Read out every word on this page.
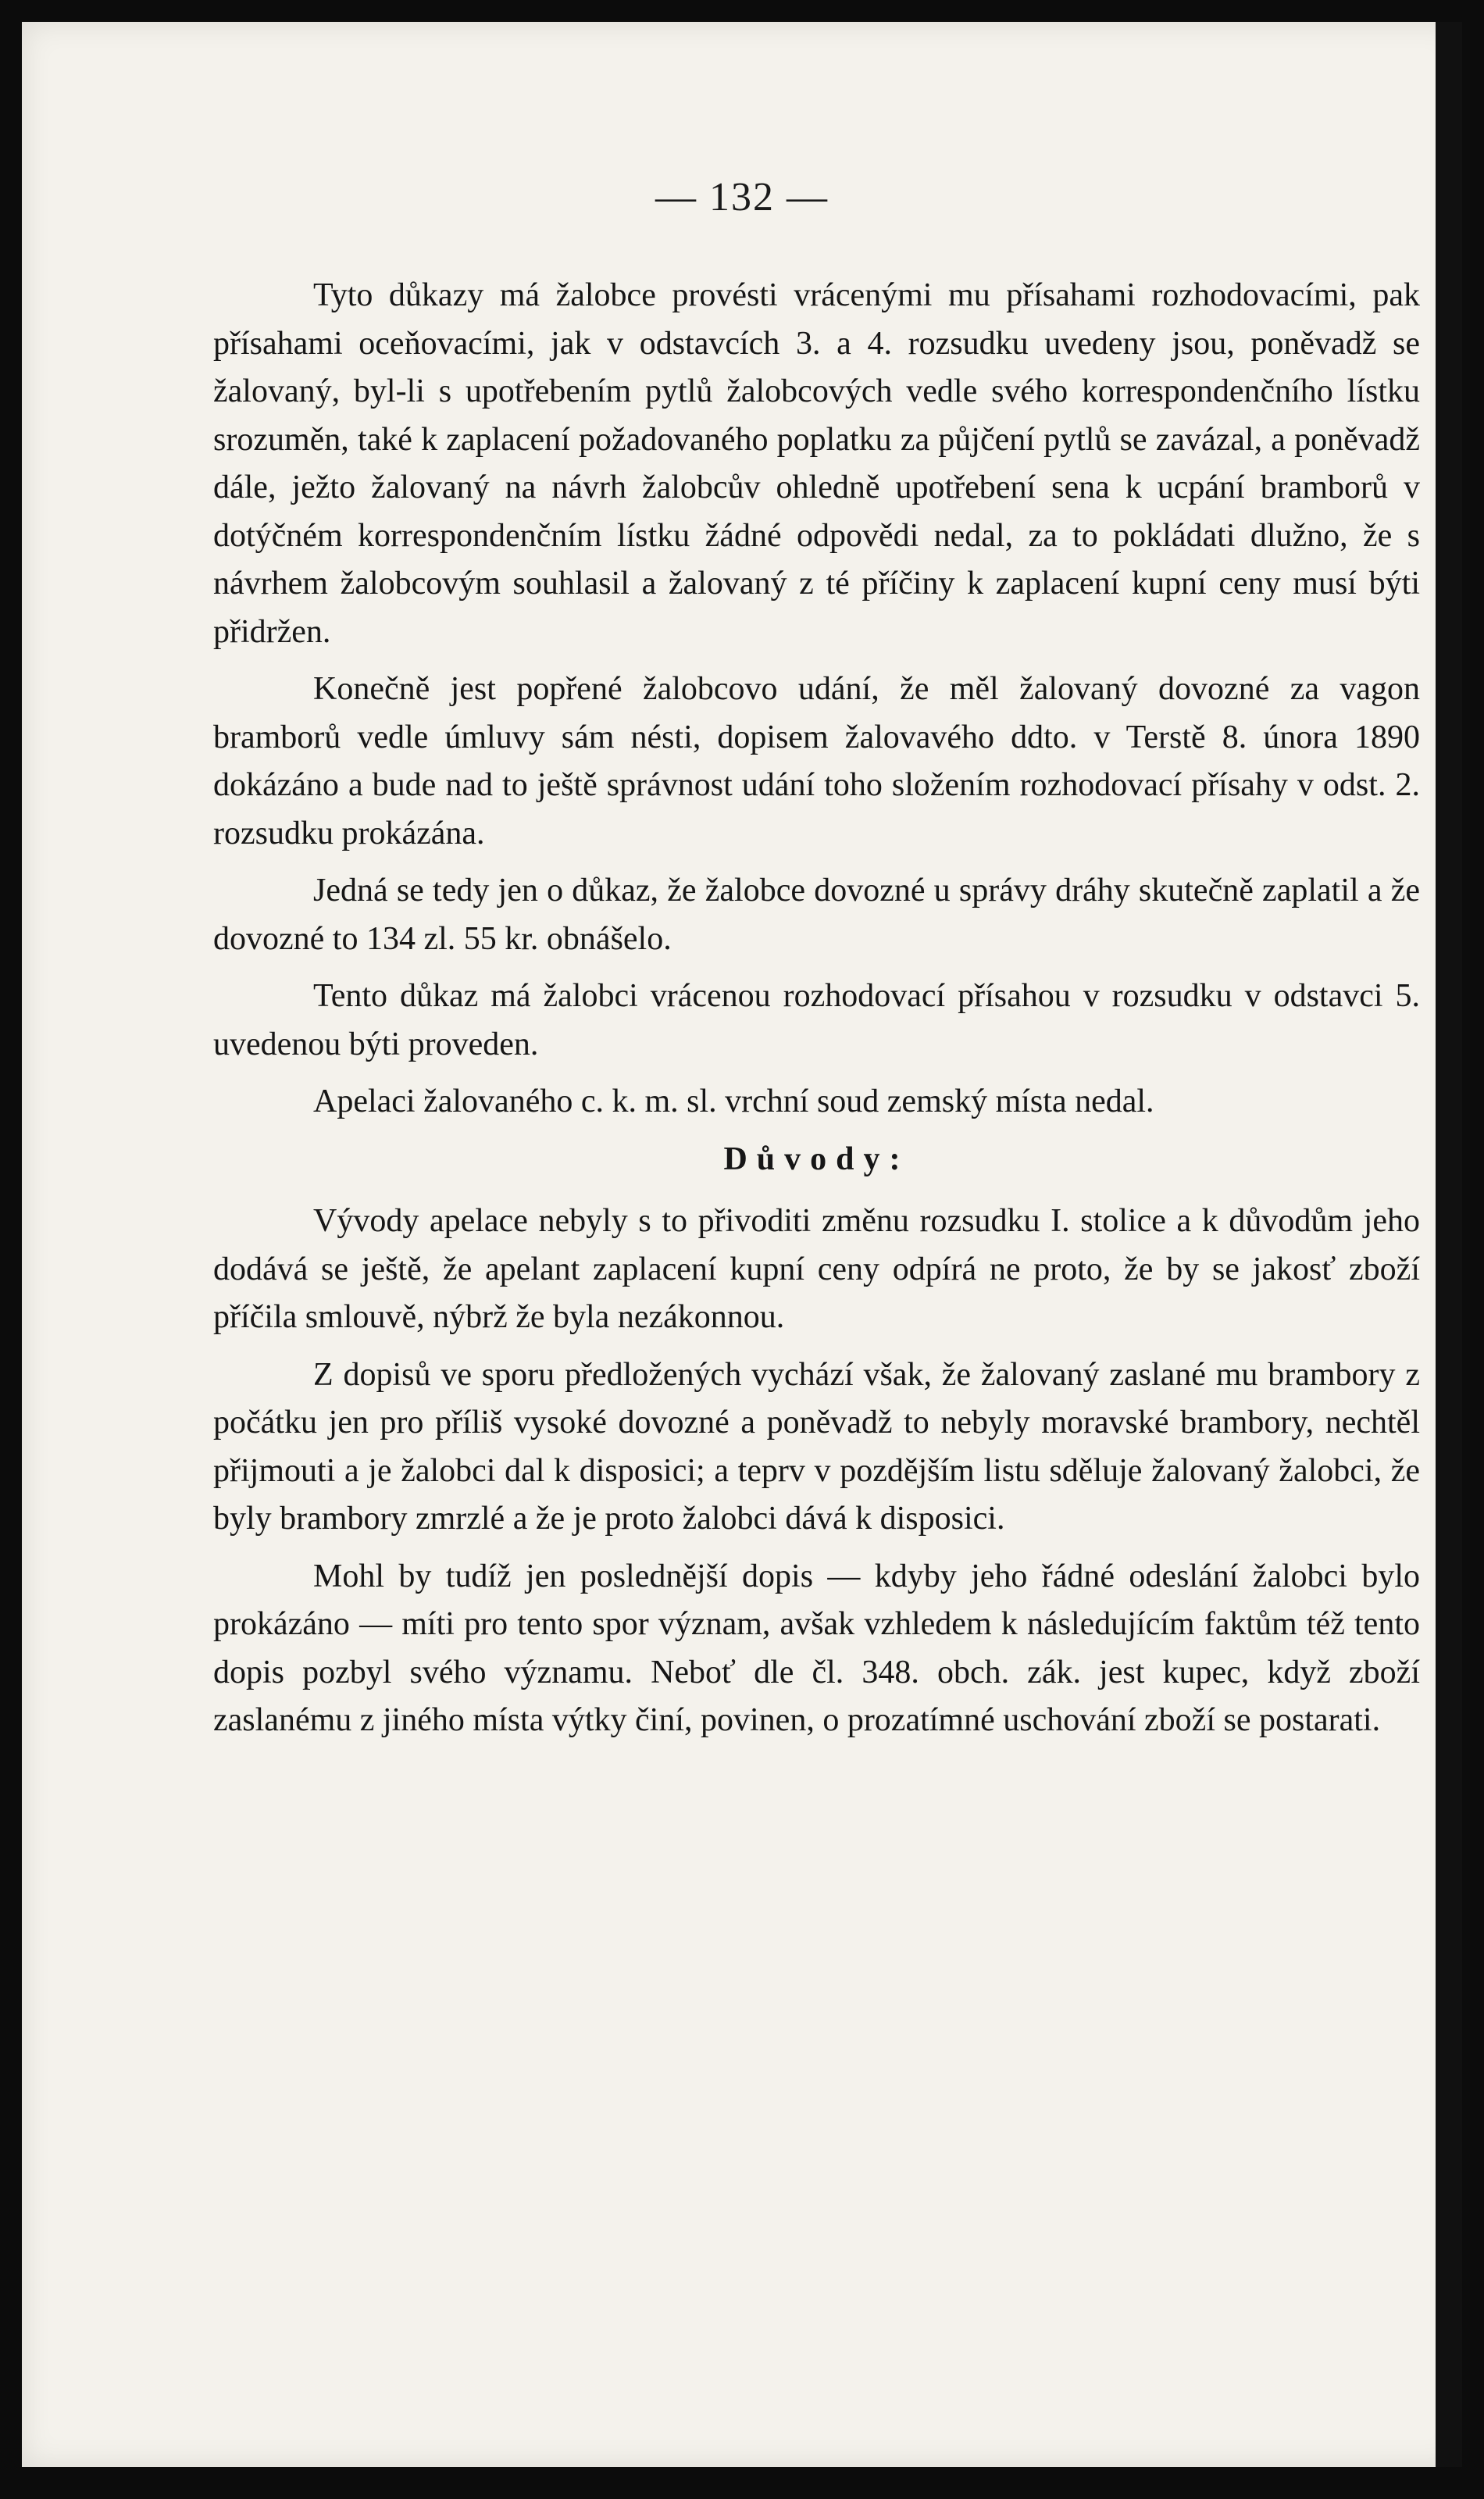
— 132 —

Tyto důkazy má žalobce provésti vrácenými mu přísahami rozhodovacími, pak přísahami oceňovacími, jak v odstavcích 3. a 4. rozsudku uvedeny jsou, poněvadž se žalovaný, byl-li s upotřebením pytlů žalobcových vedle svého korrespondenčního lístku srozuměn, také k zaplacení požadovaného poplatku za půjčení pytlů se zavázal, a poněvadž dále, ježto žalovaný na návrh žalobcův ohledně upotřebení sena k ucpání bramborů v dotýčném korrespondenčním lístku žádné odpovědi nedal, za to pokládati dlužno, že s návrhem žalobcovým souhlasil a žalovaný z té příčiny k zaplacení kupní ceny musí býti přidržen.

Konečně jest popřené žalobcovo udání, že měl žalovaný dovozné za vagon bramborů vedle úmluvy sám nésti, dopisem žalovavého ddto. v Terstě 8. února 1890 dokázáno a bude nad to ještě správnost udání toho složením rozhodovací přísahy v odst. 2. rozsudku prokázána.

Jedná se tedy jen o důkaz, že žalobce dovozné u správy dráhy skutečně zaplatil a že dovozné to 134 zl. 55 kr. obnášelo.

Tento důkaz má žalobci vrácenou rozhodovací přísahou v rozsudku v odstavci 5. uvedenou býti proveden.

Apelaci žalovaného c. k. m. sl. vrchní soud zemský místa nedal.

Důvody:

Vývody apelace nebyly s to přivoditi změnu rozsudku I. stolice a k důvodům jeho dodává se ještě, že apelant zaplacení kupní ceny odpírá ne proto, že by se jakosť zboží příčila smlouvě, nýbrž že byla nezákonnou.

Z dopisů ve sporu předložených vychází však, že žalovaný zaslané mu brambory z počátku jen pro příliš vysoké dovozné a poněvadž to nebyly moravské brambory, nechtěl přijmouti a je žalobci dal k disposici; a teprv v pozdějším listu sděluje žalovaný žalobci, že byly brambory zmrzlé a že je proto žalobci dává k disposici.

Mohl by tudíž jen poslednější dopis — kdyby jeho řádné odeslání žalobci bylo prokázáno — míti pro tento spor význam, avšak vzhledem k následujícím faktům též tento dopis pozbyl svého významu. Neboť dle čl. 348. obch. zák. jest kupec, když zboží zaslanému z jiného místa výtky činí, povinen, o prozatímné uschování zboží se postarati.
